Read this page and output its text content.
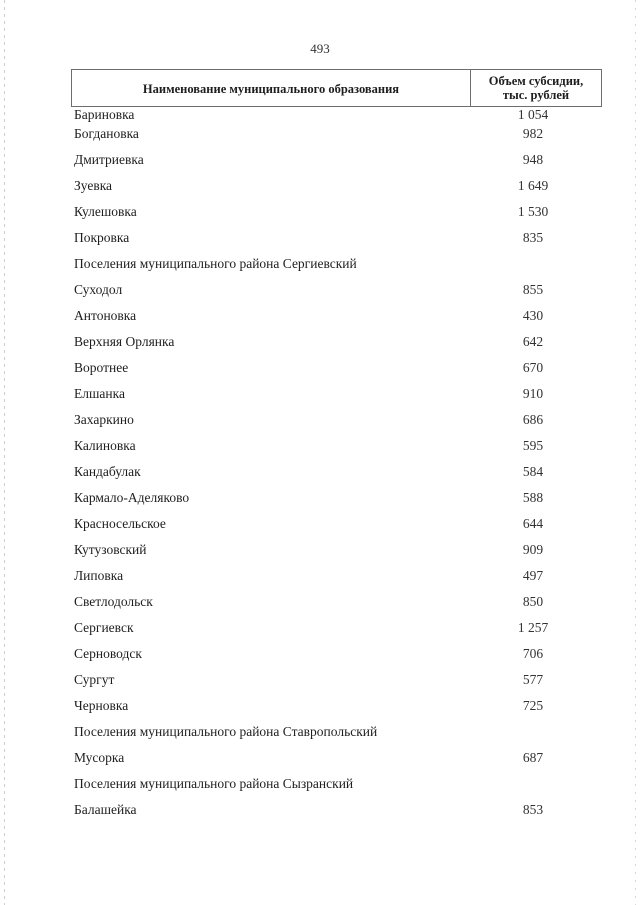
493
Наименование муниципального образования
Объем субсидии,
тыс. рублей
Бариновка	1 054
Богдановка	982
Дмитриевка	948
Зуевка	1 649
Кулешовка	1 530
Покровка	835
Поселения муниципального района Сергиевский
Суходол	855
Антоновка	430
Верхняя Орлянка	642
Воротнее	670
Елшанка	910
Захаркино	686
Калиновка	595
Кандабулак	584
Кармало-Аделяково	588
Красносельское	644
Кутузовский	909
Липовка	497
Светлодольск	850
Сергиевск	1 257
Серноводск	706
Сургут	577
Черновка	725
Поселения муниципального района Ставропольский
Мусорка	687
Поселения муниципального района Сызранский
Балашейка	853
